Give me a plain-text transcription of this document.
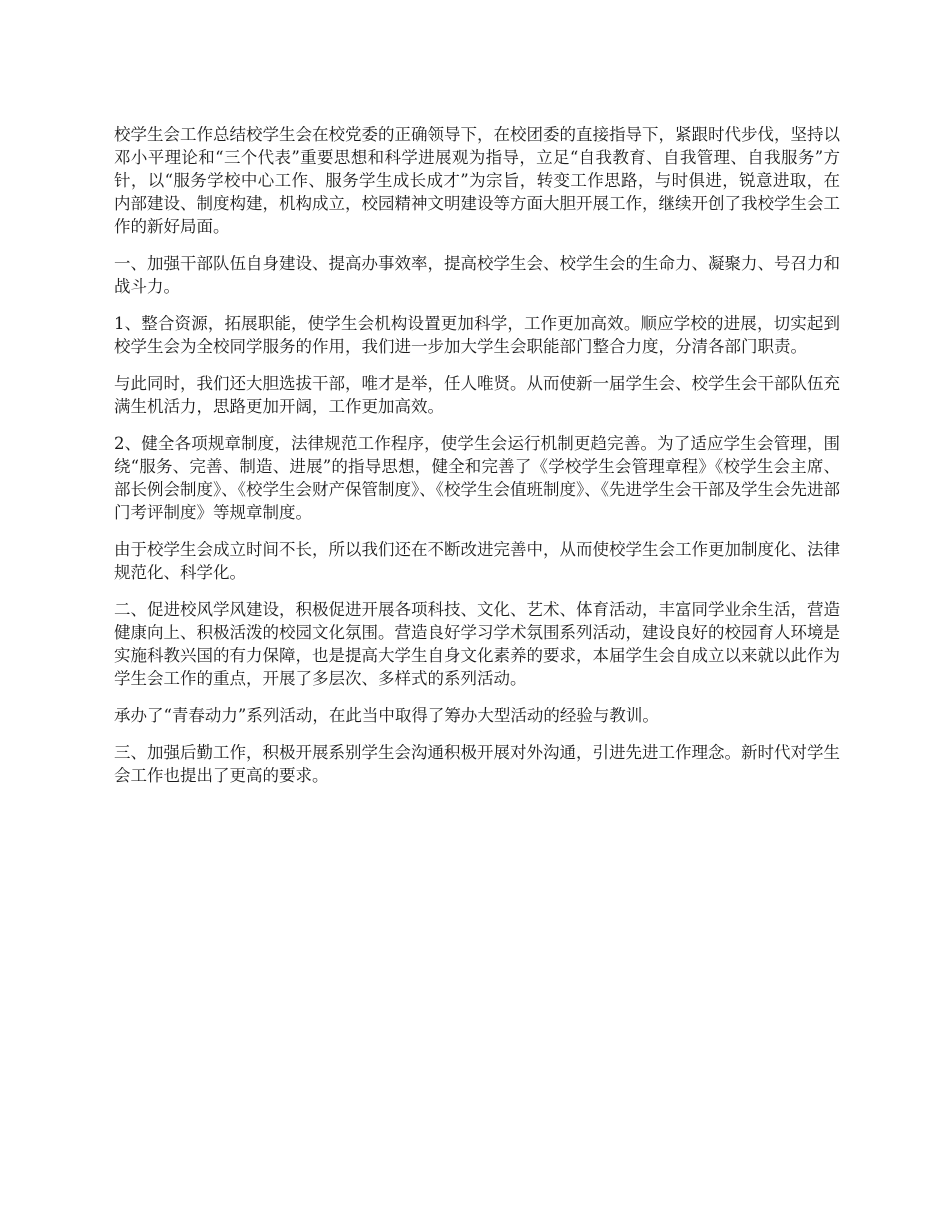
校学生会工作总结校学生会在校党委的正确领导下，在校团委的直接指导下，紧跟时代步伐，坚持以邓小平理论和“三个代表”重要思想和科学进展观为指导，立足“自我教育、自我管理、自我服务”方针，以“服务学校中心工作、服务学生成长成才”为宗旨，转变工作思路，与时俱进，锐意进取，在内部建设、制度构建，机构成立，校园精神文明建设等方面大胆开展工作，继续开创了我校学生会工作的新好局面。

一、加强干部队伍自身建设、提高办事效率，提高校学生会、校学生会的生命力、凝聚力、号召力和战斗力。

1、整合资源，拓展职能，使学生会机构设置更加科学，工作更加高效。顺应学校的进展，切实起到校学生会为全校同学服务的作用，我们进一步加大学生会职能部门整合力度，分清各部门职责。

与此同时，我们还大胆选拔干部，唯才是举，任人唯贤。从而使新一届学生会、校学生会干部队伍充满生机活力，思路更加开阔，工作更加高效。

2、健全各项规章制度，法律规范工作程序，使学生会运行机制更趋完善。为了适应学生会管理，围绕“服务、完善、制造、进展”的指导思想，健全和完善了《学校学生会管理章程》《校学生会主席、部长例会制度》、《校学生会财产保管制度》、《校学生会值班制度》、《先进学生会干部及学生会先进部门考评制度》等规章制度。

由于校学生会成立时间不长，所以我们还在不断改进完善中，从而使校学生会工作更加制度化、法律规范化、科学化。

二、促进校风学风建设，积极促进开展各项科技、文化、艺术、体育活动，丰富同学业余生活，营造健康向上、积极活泼的校园文化氛围。营造良好学习学术氛围系列活动，建设良好的校园育人环境是实施科教兴国的有力保障，也是提高大学生自身文化素养的要求，本届学生会自成立以来就以此作为学生会工作的重点，开展了多层次、多样式的系列活动。

承办了“青春动力”系列活动，在此当中取得了筹办大型活动的经验与教训。

三、加强后勤工作，积极开展系别学生会沟通积极开展对外沟通，引进先进工作理念。新时代对学生会工作也提出了更高的要求。
